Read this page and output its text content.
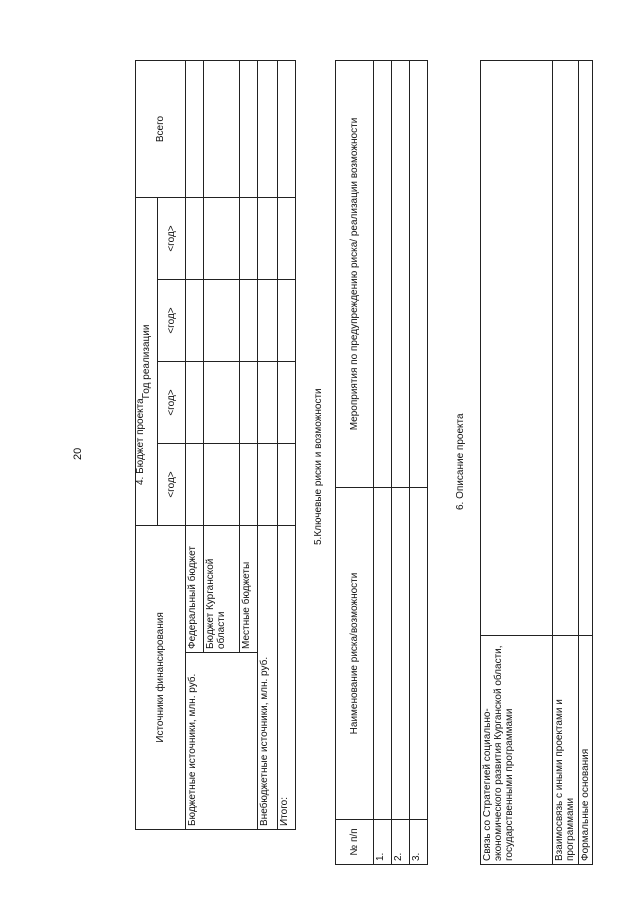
20	4. Бюджет проекта
Источники финансирования		Год реализации				Всего
		<год>	<год>	<год>	<год>	
Бюджетные источники, млн. руб.	Федеральный бюджет					
	Бюджет Курганской области					
	Местные бюджеты					
Внебюджетные источники, млн. руб.						
Итого:						
5.Ключевые риски и возможности
№ п/п	Наименование риска/возможности	Мероприятия по предупреждению риска/ реализации возможности
1.		
2.		
3.		
6. Описание проекта
Связь со Стратегией социально-экономического развития Курганской области, государственными программами	
Взаимосвязь с иными проектами и программами	
Формальные основания	
